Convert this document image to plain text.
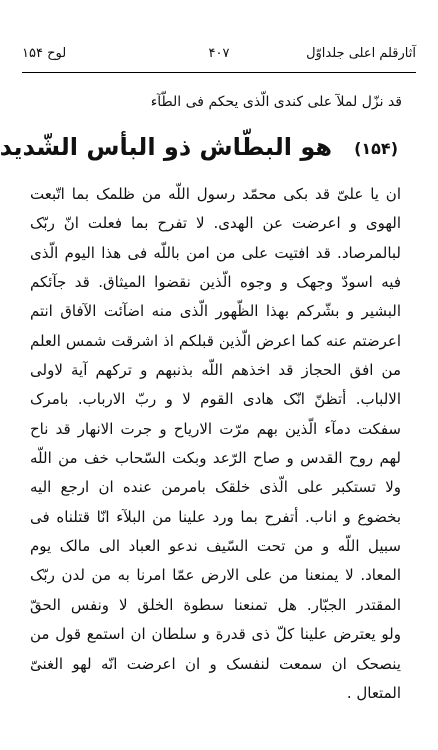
آثارقلم اعلی جلداوّل
۴۰۷
لوح ۱۵۴
قد نزّل لملآ علی کندی الّذی یحکم فی الطّآء
(۱۵۴)هو البطّاش ذو البأس الشّدید
ان یا علیّ قد بکی محمّد رسول اللّه من ظلمک بما اتّبعت
الهوی و اعرضت عن الهدی. لا تفرح بما فعلت انّ ربّک
لبالمرصاد. قد افتیت علی من امن باللّه فی هذا الیوم الّذی
فیه اسودّ وجهک و وجوه الّذین نقضوا المیثاق. قد جآئکم
البشیر و بشّرکم بهذا الظّهور الّذی منه اضآئت الآفاق انتم
اعرضتم عنه کما اعرض الّذین قبلکم اذ اشرقت شمس العلم
من افق الحجاز قد اخذهم اللّه بذنبهم و ترکهم آیة لاولی
الالباب. أتظنّ انّک هادی القوم لا و ربّ الارباب. بامرک
سفکت دمآء الّذین بهم مرّت الاریاح و جرت الانهار قد ناح
لهم روح القدس و صاح الرّعد وبکت السّحاب خف من اللّه
ولا تستکبر علی الّذی خلقک بامرمن عنده ان ارجع الیه
بخضوع و اناب. أتفرح بما ورد علینا من البلآء انّا قتلناه فی
سبیل اللّه و من تحت السّیف ندعو العباد الی مالک یوم
المعاد. لا یمنعنا من علی الارض عمّا امرنا به من لدن ربّک
المقتدر الجبّار. هل تمنعنا سطوة الخلق لا ونفس الحقّ
ولو یعترض علینا کلّ ذی قدرة و سلطان ان استمع قول من
ینصحک ان سمعت لنفسک و ان اعرضت انّه لهو الغنیّ
المتعال .
